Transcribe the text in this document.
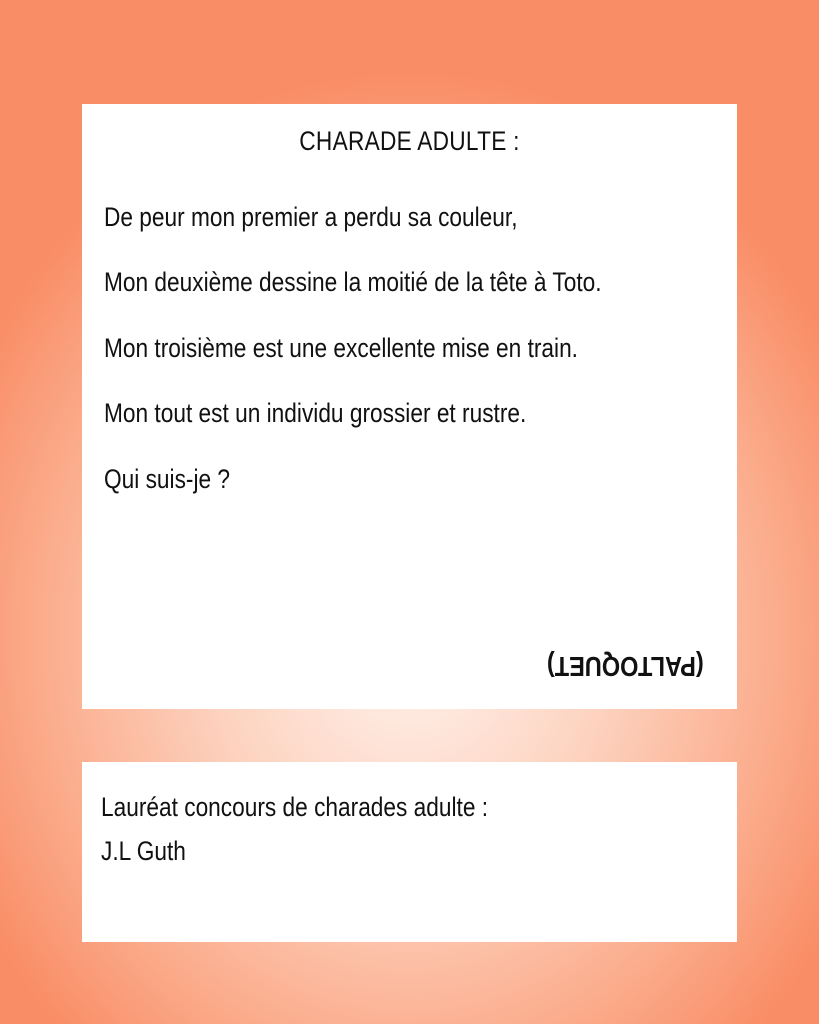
CHARADE ADULTE :
De peur mon premier a perdu sa couleur,
Mon deuxième dessine la moitié de la tête à Toto.
Mon troisième est une excellente mise en train.
Mon tout est un individu grossier et rustre.
Qui suis-je ?
(PALTOQUET)
Lauréat concours de charades adulte :
J.L Guth
